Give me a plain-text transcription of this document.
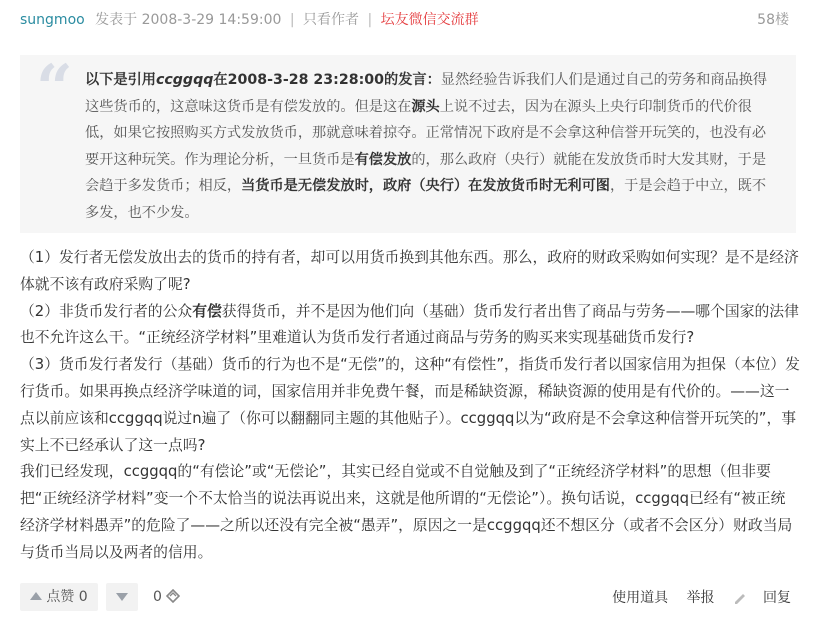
sungmoo 发表于 2008-3-29 14:59:00 | 只看作者 | 坛友微信交流群	58楼
“ 以下是引用ccggqq在2008-3-28 23:28:00的发言：显然经验告诉我们人们是通过自己的劳务和商品换得这些货币的，这意味这货币是有偿发放的。但是这在源头上说不过去，因为在源头上央行印制货币的代价很低，如果它按照购买方式发放货币，那就意味着掠夺。正常情况下政府是不会拿这种信誉开玩笑的，也没有必要开这种玩笑。作为理论分析，一旦货币是有偿发放的，那么政府（央行）就能在发放货币时大发其财，于是会趋于多发货币；相反，当货币是无偿发放时，政府（央行）在发放货币时无利可图，于是会趋于中立，既不多发，也不少发。

（1）发行者无偿发放出去的货币的持有者，却可以用货币换到其他东西。那么，政府的财政采购如何实现？是不是经济体就不该有政府采购了呢?

（2）非货币发行者的公众有偿获得货币，并不是因为他们向（基础）货币发行者出售了商品与劳务——哪个国家的法律也不允许这么干。“正统经济学材料”里难道认为货币发行者通过商品与劳务的购买来实现基础货币发行?

（3）货币发行者发行（基础）货币的行为也不是“无偿”的，这种“有偿性”，指货币发行者以国家信用为担保（本位）发行货币。如果再换点经济学味道的词，国家信用并非免费午餐，而是稀缺资源，稀缺资源的使用是有代价的。——这一点以前应该和ccggqq说过n遍了（你可以翻翻同主题的其他贴子）。ccggqq以为“政府是不会拿这种信誉开玩笑的”，事实上不已经承认了这一点吗?

我们已经发现，ccggqq的“有偿论”或“无偿论”，其实已经自觉或不自觉触及到了“正统经济学材料”的思想（但非要把“正统经济学材料”变一个不太恰当的说法再说出来，这就是他所谓的“无偿论”）。换句话说，ccggqq已经有“被正统经济学材料愚弄”的危险了——之所以还没有完全被“愚弄”，原因之一是ccggqq还不想区分（或者不会区分）财政当局与货币当局以及两者的信用。

点赞 0	0	使用道具 举报	回复
